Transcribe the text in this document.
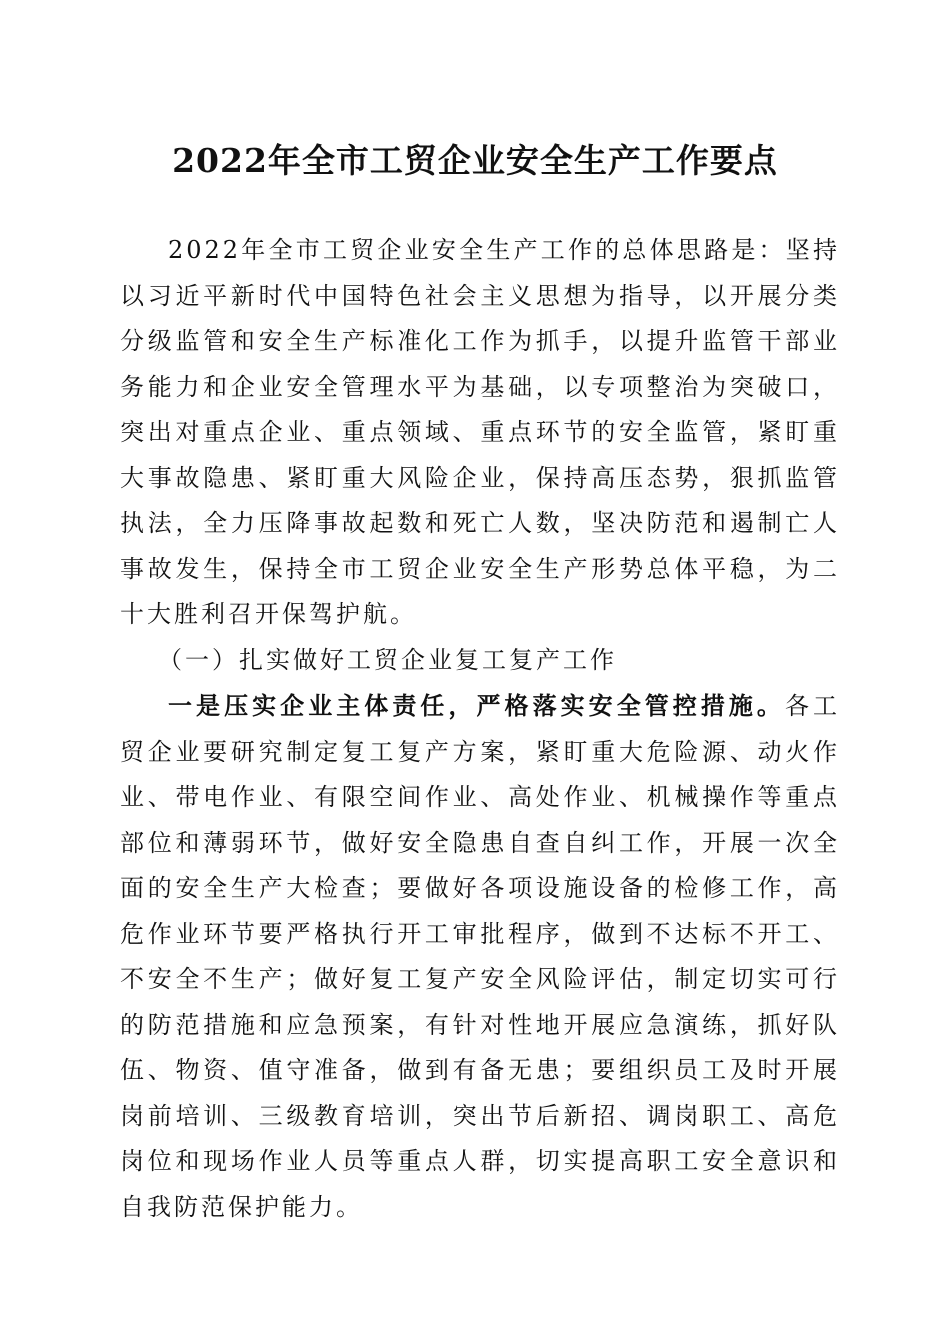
2022年全市工贸企业安全生产工作要点

2022年全市工贸企业安全生产工作的总体思路是：坚持以习近平新时代中国特色社会主义思想为指导，以开展分类分级监管和安全生产标准化工作为抓手，以提升监管干部业务能力和企业安全管理水平为基础，以专项整治为突破口，突出对重点企业、重点领域、重点环节的安全监管，紧盯重大事故隐患、紧盯重大风险企业，保持高压态势，狠抓监管执法，全力压降事故起数和死亡人数，坚决防范和遏制亡人事故发生，保持全市工贸企业安全生产形势总体平稳，为二十大胜利召开保驾护航。

（一）扎实做好工贸企业复工复产工作

一是压实企业主体责任，严格落实安全管控措施。各工贸企业要研究制定复工复产方案，紧盯重大危险源、动火作业、带电作业、有限空间作业、高处作业、机械操作等重点部位和薄弱环节，做好安全隐患自查自纠工作，开展一次全面的安全生产大检查；要做好各项设施设备的检修工作，高危作业环节要严格执行开工审批程序，做到不达标不开工、不安全不生产；做好复工复产安全风险评估，制定切实可行的防范措施和应急预案，有针对性地开展应急演练，抓好队伍、物资、值守准备，做到有备无患；要组织员工及时开展岗前培训、三级教育培训，突出节后新招、调岗职工、高危岗位和现场作业人员等重点人群，切实提高职工安全意识和自我防范保护能力。
